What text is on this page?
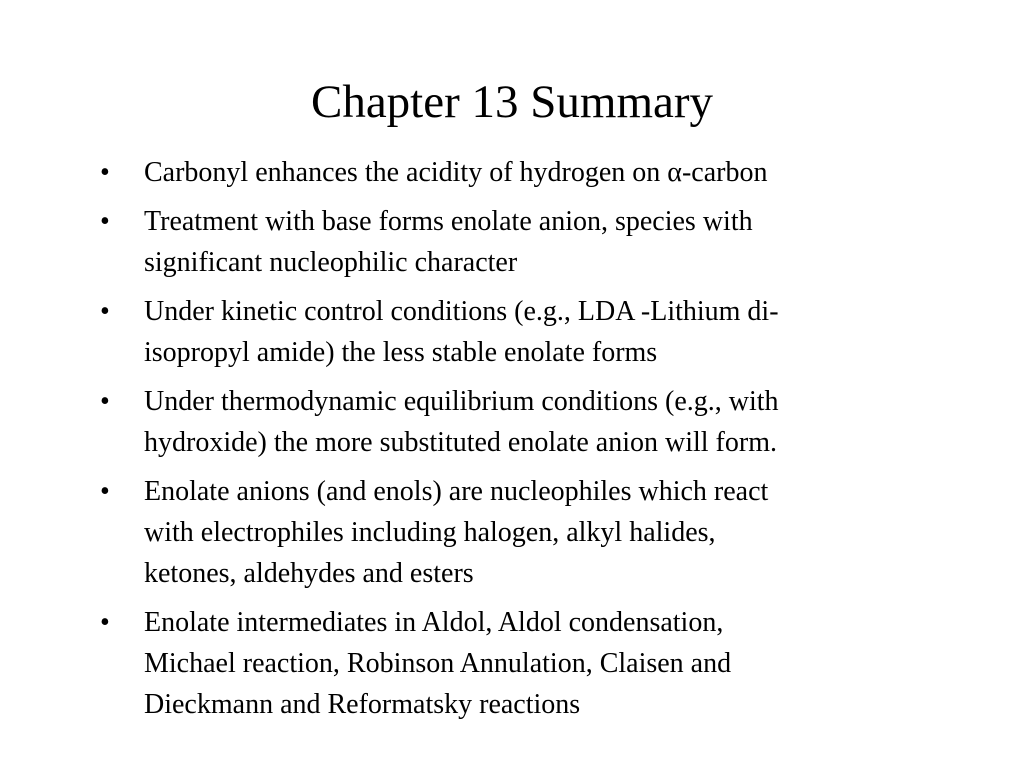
Chapter 13 Summary
•	Carbonyl enhances the acidity of hydrogen on α-carbon
•	Treatment with base forms enolate anion, species with
significant nucleophilic character
•	Under kinetic control conditions (e.g., LDA -Lithium di-
isopropyl amide) the less stable enolate forms
•	Under thermodynamic equilibrium conditions (e.g., with
hydroxide) the more substituted enolate anion will form.
•	Enolate anions (and enols) are nucleophiles which react
with electrophiles including halogen, alkyl halides,
ketones, aldehydes and esters
•	Enolate intermediates in Aldol, Aldol condensation,
Michael reaction, Robinson Annulation, Claisen and
Dieckmann and Reformatsky reactions
